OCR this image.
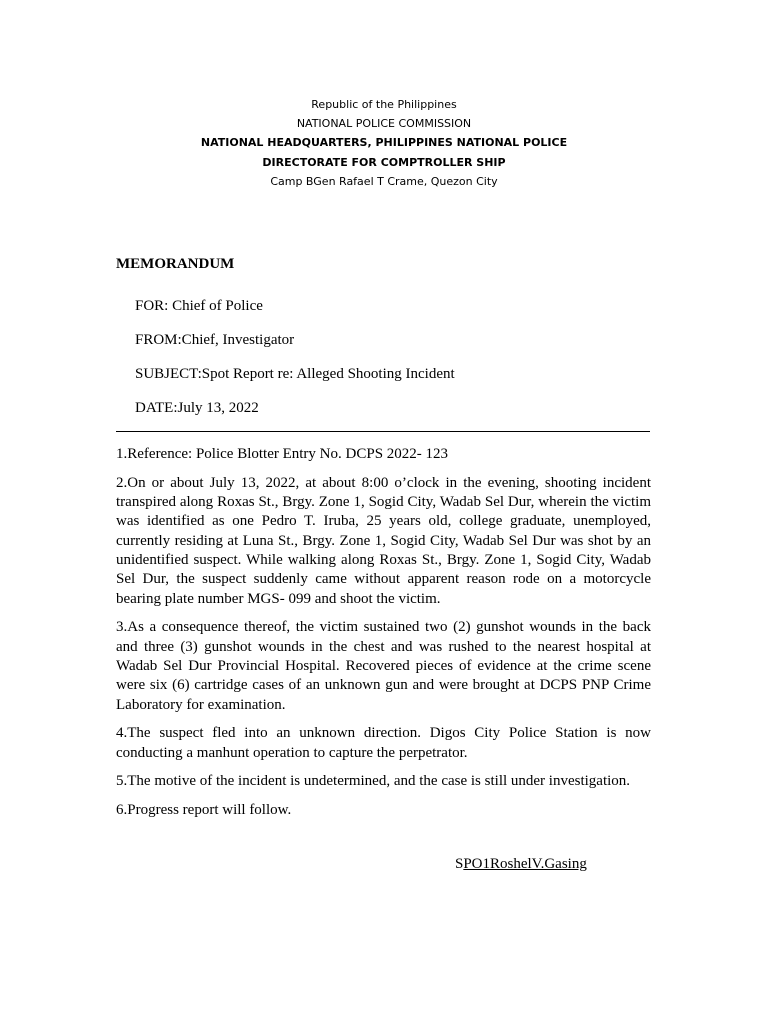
Republic of the Philippines
NATIONAL POLICE COMMISSION
NATIONAL HEADQUARTERS, PHILIPPINES NATIONAL POLICE
DIRECTORATE FOR COMPTROLLER SHIP
Camp BGen Rafael T Crame, Quezon City
MEMORANDUM
FOR: Chief of Police
FROM:Chief, Investigator
SUBJECT:Spot Report re: Alleged Shooting Incident
DATE:July 13, 2022

1.Reference: Police Blotter Entry No. DCPS 2022- 123

2.On or about July 13, 2022, at about 8:00 o’clock in the evening, shooting incident transpired along Roxas St., Brgy. Zone 1, Sogid City, Wadab Sel Dur, wherein the victim was identified as one Pedro T. Iruba, 25 years old, college graduate, unemployed, currently residing at Luna St., Brgy. Zone 1, Sogid City, Wadab Sel Dur was shot by an unidentified suspect. While walking along Roxas St., Brgy. Zone 1, Sogid City, Wadab Sel Dur, the suspect suddenly came without apparent reason rode on a motorcycle bearing plate number MGS- 099 and shoot the victim.

3.As a consequence thereof, the victim sustained two (2) gunshot wounds in the back and three (3) gunshot wounds in the chest and was rushed to the nearest hospital at Wadab Sel Dur Provincial Hospital. Recovered pieces of evidence at the crime scene were six (6) cartridge cases of an unknown gun and were brought at DCPS PNP Crime Laboratory for examination.

4.The suspect fled into an unknown direction. Digos City Police Station is now conducting a manhunt operation to capture the perpetrator.

5.The motive of the incident is undetermined, and the case is still under investigation.

6.Progress report will follow.

SPO1RoshelV.Gasing
